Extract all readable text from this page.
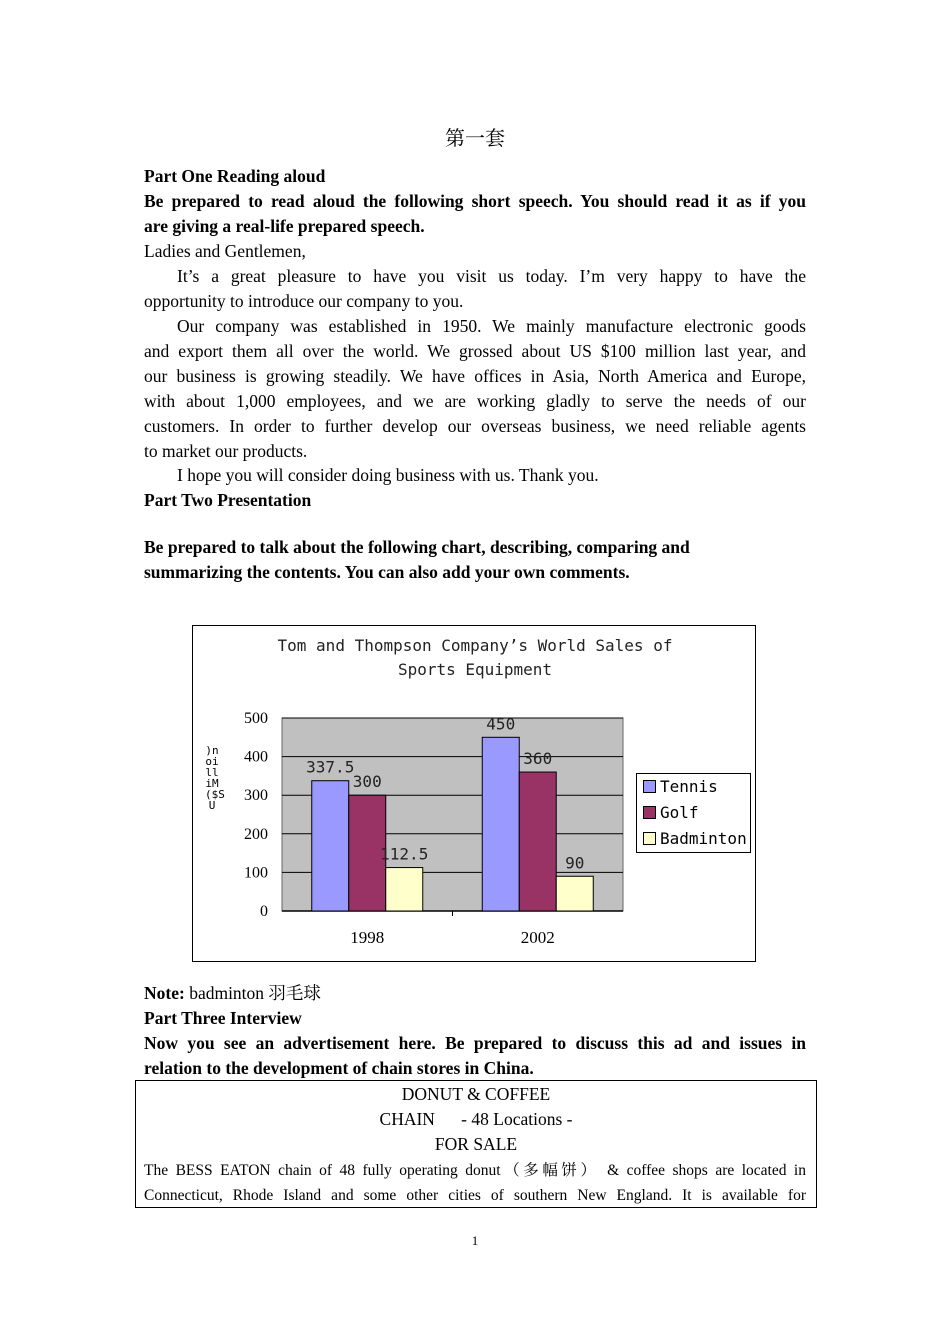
第一套
Part One Reading aloud
Be prepared to read aloud the following short speech. You should read it as if you
are giving a real-life prepared speech.
Ladies and Gentlemen,
It’s a great pleasure to have you visit us today. I’m very happy to have the
opportunity to introduce our company to you.
Our company was established in 1950. We mainly manufacture electronic goods
and export them all over the world. We grossed about US $100 million last year, and
our business is growing steadily. We have offices in Asia, North America and Europe,
with about 1,000 employees, and we are working gladly to serve the needs of our
customers. In order to further develop our overseas business, we need reliable agents
to market our products.
I hope you will consider doing business with us. Thank you.
Part Two Presentation
Be prepared to talk about the following chart, describing, comparing and
summarizing the contents. You can also add your own comments.
Note: badminton 羽毛球
Part Three Interview
Now you see an advertisement here. Be prepared to discuss this ad and issues in
relation to the development of chain stores in China.
Tom and Thompson Company’s World Sales of
Sports Equipment
0
100
200
300
400
500
337.5
300
112.5
1998
450
360
90
2002
)noilliM($SU
Tennis
Golf
Badminton
DONUT & COFFEE
CHAIN      - 48 Locations -
FOR SALE
The BESS EATON chain of 48 fully operating donut（多幅饼） & coffee shops are located in
Connecticut, Rhode Island and some other cities of southern New England. It is available for
1
